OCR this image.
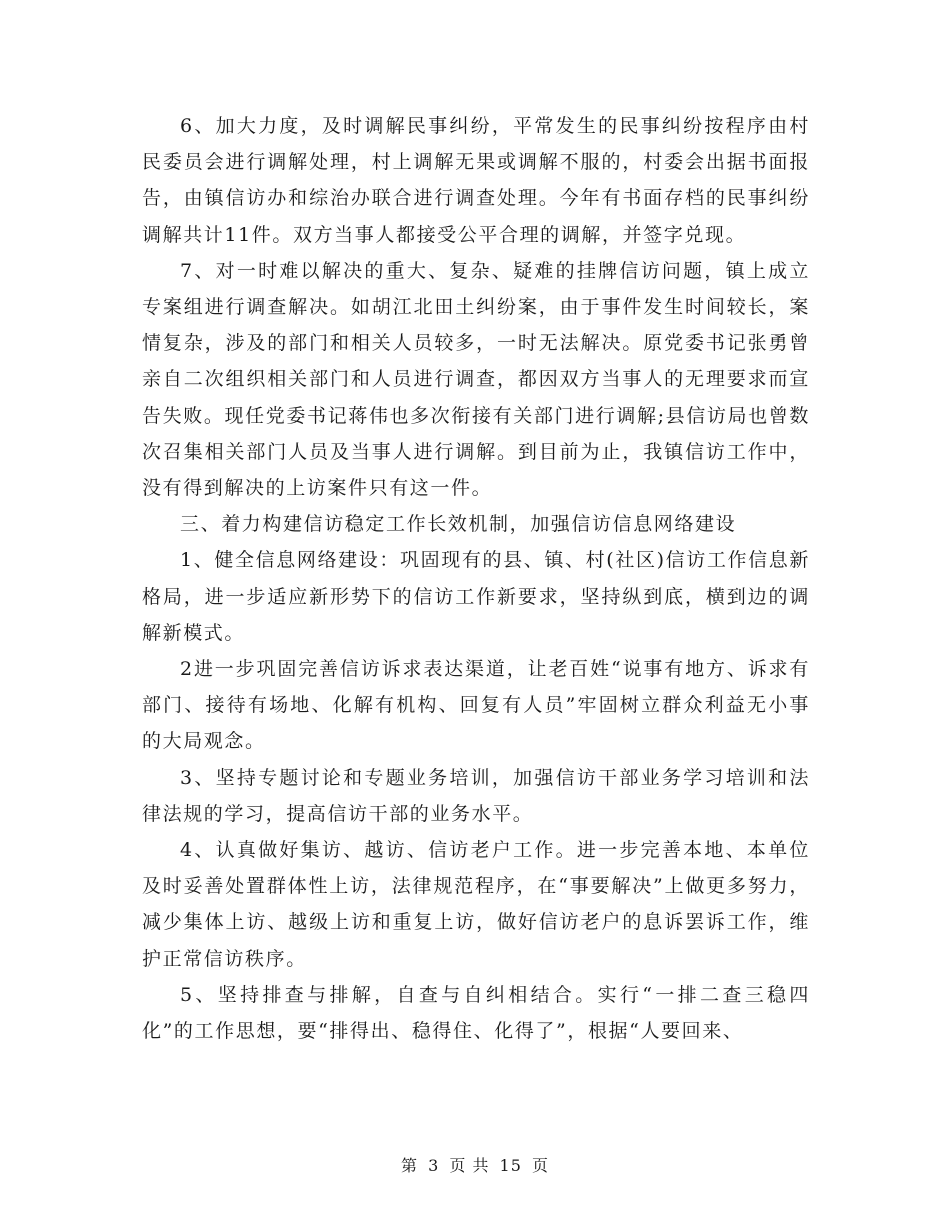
6、加大力度，及时调解民事纠纷，平常发生的民事纠纷按程序由村民委员会进行调解处理，村上调解无果或调解不服的，村委会出据书面报告，由镇信访办和综治办联合进行调查处理。今年有书面存档的民事纠纷调解共计11件。双方当事人都接受公平合理的调解，并签字兑现。

7、对一时难以解决的重大、复杂、疑难的挂牌信访问题，镇上成立专案组进行调查解决。如胡江北田土纠纷案，由于事件发生时间较长，案情复杂，涉及的部门和相关人员较多，一时无法解决。原党委书记张勇曾亲自二次组织相关部门和人员进行调查，都因双方当事人的无理要求而宣告失败。现任党委书记蒋伟也多次衔接有关部门进行调解;县信访局也曾数次召集相关部门人员及当事人进行调解。到目前为止，我镇信访工作中，没有得到解决的上访案件只有这一件。

三、着力构建信访稳定工作长效机制，加强信访信息网络建设

1、健全信息网络建设：巩固现有的县、镇、村(社区)信访工作信息新格局，进一步适应新形势下的信访工作新要求，坚持纵到底，横到边的调解新模式。

2进一步巩固完善信访诉求表达渠道，让老百姓“说事有地方、诉求有部门、接待有场地、化解有机构、回复有人员”牢固树立群众利益无小事的大局观念。

3、坚持专题讨论和专题业务培训，加强信访干部业务学习培训和法律法规的学习，提高信访干部的业务水平。

4、认真做好集访、越访、信访老户工作。进一步完善本地、本单位及时妥善处置群体性上访，法律规范程序，在“事要解决”上做更多努力，减少集体上访、越级上访和重复上访，做好信访老户的息诉罢诉工作，维护正常信访秩序。

5、坚持排查与排解，自查与自纠相结合。实行“一排二查三稳四化”的工作思想，要“排得出、稳得住、化得了”，根据“人要回来、

第 3 页 共 15 页
